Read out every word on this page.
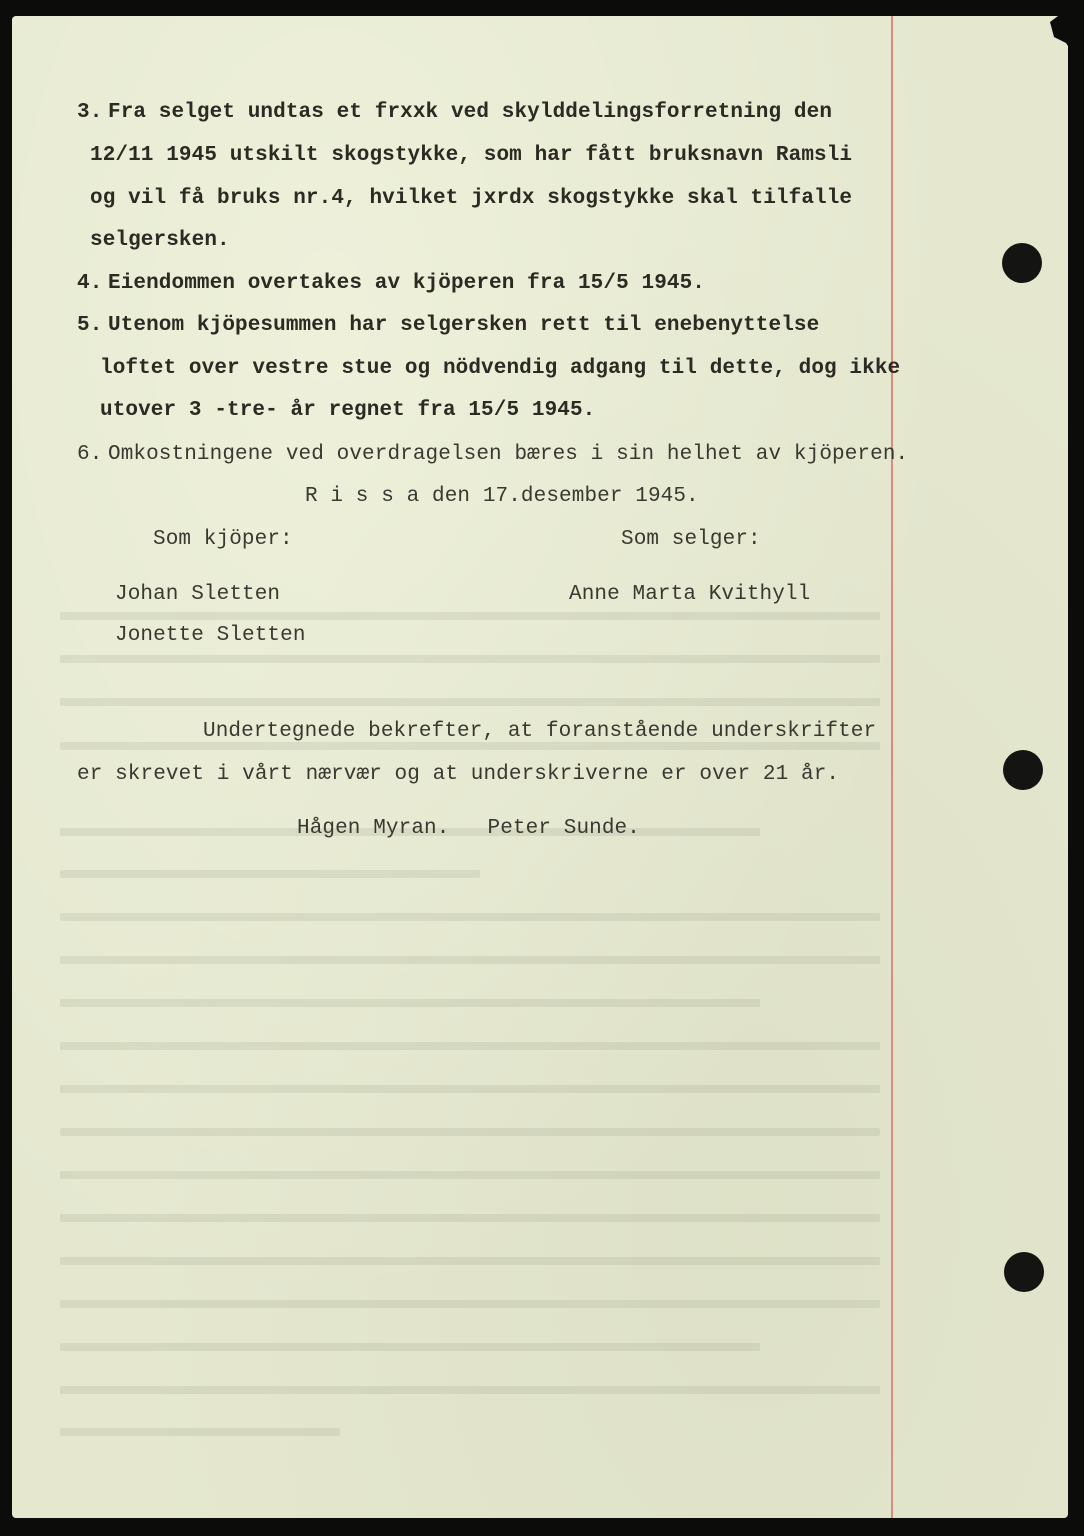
3. Fra selget undtas et frxxk ved skylddelingsforretning den
12/11 1945 utskilt skogstykke, som har fått bruksnavn Ramsli
og vil få bruks nr.4, hvilket jxrdx skogstykke skal tilfalle
selgersken.
4. Eiendommen overtakes av kjöperen fra 15/5 1945.
5. Utenom kjöpesummen har selgersken rett til enebenyttelse
loftet over vestre stue og nödvendig adgang til dette, dog ikke
utover 3 -tre- år regnet fra 15/5 1945.
6. Omkostningene ved overdragelsen bæres i sin helhet av kjöperen.
R i s s a den 17.desember 1945.
Som kjöper:	Som selger:
Johan Sletten	Anne Marta Kvithyll
Jonette Sletten
Undertegnede bekrefter, at foranstående underskrifter
er skrevet i vårt nærvær og at underskriverne er over 21 år.
Hågen Myran.   Peter Sunde.
